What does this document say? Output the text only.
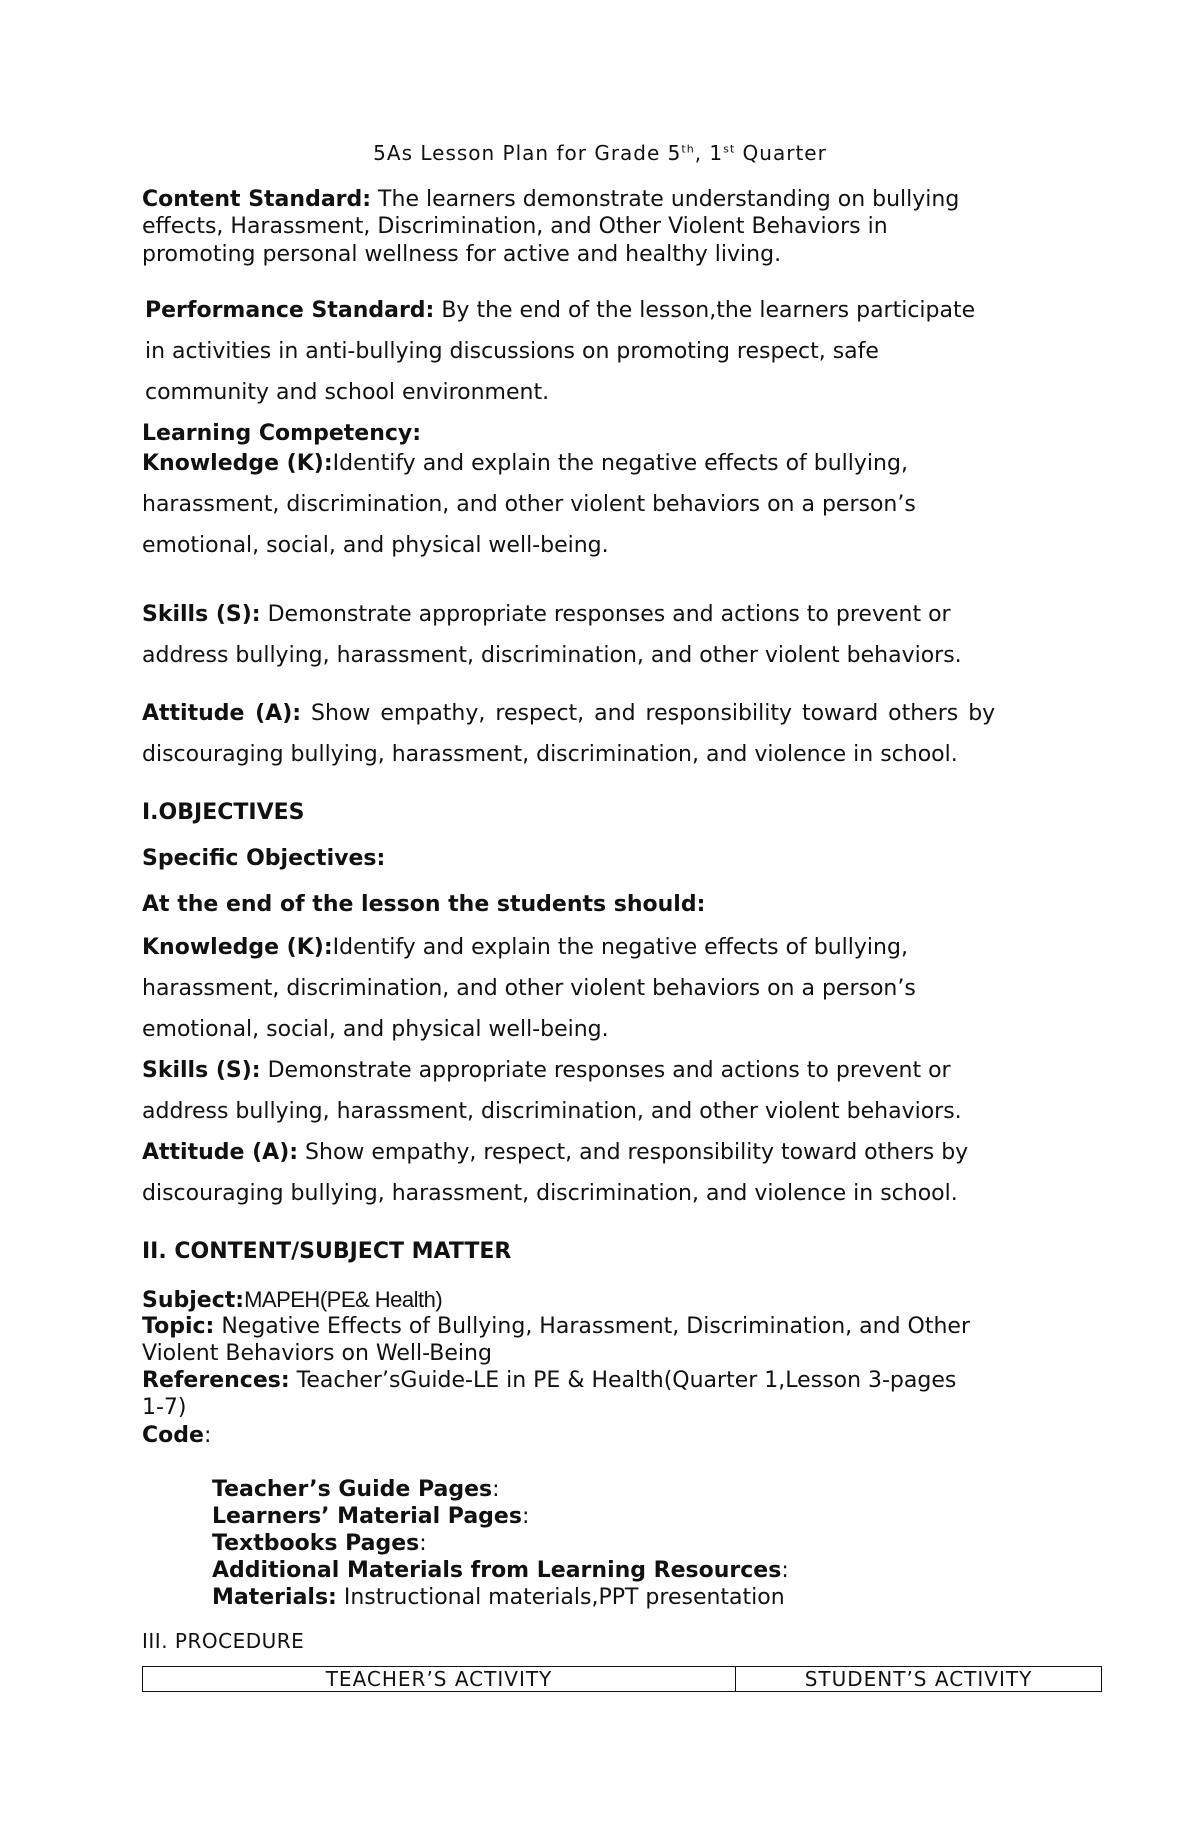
5As Lesson Plan for Grade 5th, 1st Quarter
Content Standard: The learners demonstrate understanding on bullying
effects, Harassment, Discrimination, and Other Violent Behaviors in
promoting personal wellness for active and healthy living.
Performance Standard: By the end of the lesson,the learners participate
in activities in anti-bullying discussions on promoting respect, safe
community and school environment.
Learning Competency:
Knowledge (K):Identify and explain the negative effects of bullying,
harassment, discrimination, and other violent behaviors on a person’s
emotional, social, and physical well-being.
Skills (S): Demonstrate appropriate responses and actions to prevent or
address bullying, harassment, discrimination, and other violent behaviors.
Attitude (A): Show empathy, respect, and responsibility toward others by
discouraging bullying, harassment, discrimination, and violence in school.
I.OBJECTIVES
Specific Objectives:
At the end of the lesson the students should:
Knowledge (K):Identify and explain the negative effects of bullying,
harassment, discrimination, and other violent behaviors on a person’s
emotional, social, and physical well-being.
Skills (S): Demonstrate appropriate responses and actions to prevent or
address bullying, harassment, discrimination, and other violent behaviors.
Attitude (A): Show empathy, respect, and responsibility toward others by
discouraging bullying, harassment, discrimination, and violence in school.
II. CONTENT/SUBJECT MATTER
Subject:MAPEH(PE& Health)
Topic: Negative Effects of Bullying, Harassment, Discrimination, and Other
Violent Behaviors on Well-Being
References: Teacher’sGuide-LE in PE & Health(Quarter 1,Lesson 3-pages
1-7)
Code:
Teacher’s Guide Pages:
Learners’ Material Pages:
Textbooks Pages:
Additional Materials from Learning Resources:
Materials: Instructional materials,PPT presentation
III. PROCEDURE
TEACHER’S ACTIVITY	STUDENT’S ACTIVITY
